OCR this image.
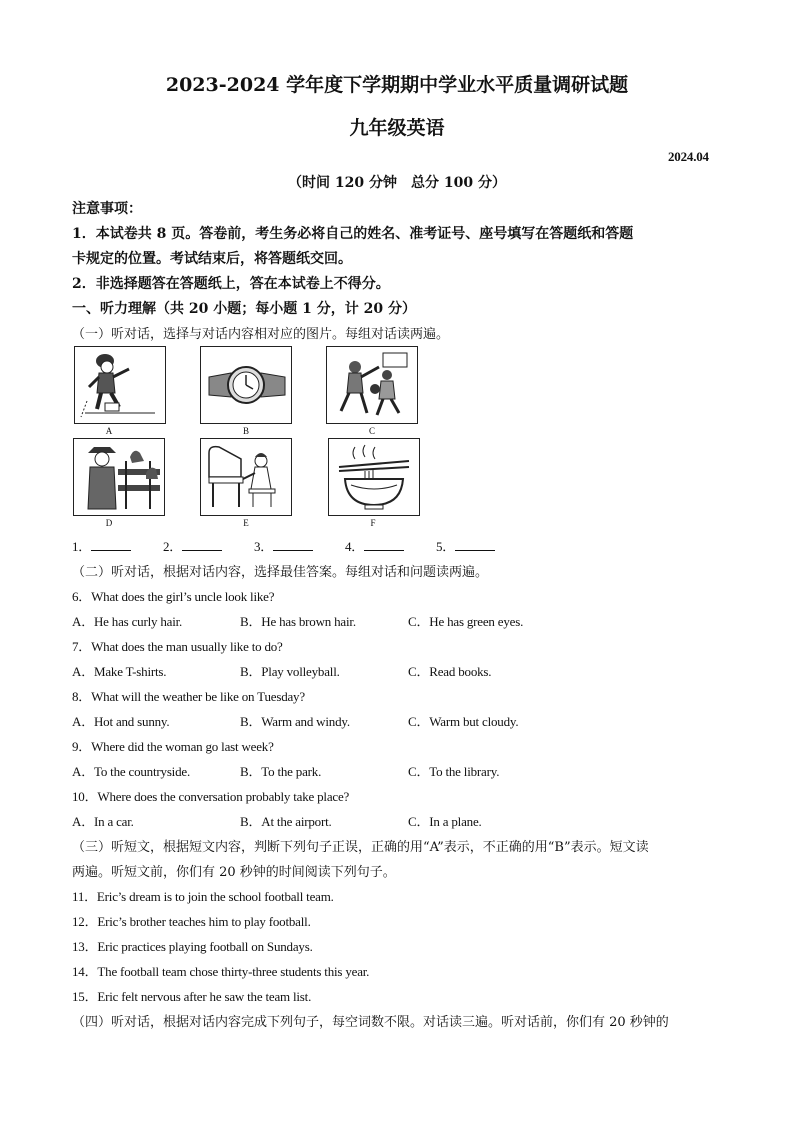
2023-2024 学年度下学期期中学业水平质量调研试题
九年级英语
2024.04
（时间 120 分钟　总分 100 分）
注意事项：
1．本试卷共 8 页。答卷前，考生务必将自己的姓名、准考证号、座号填写在答题纸和答题
卡规定的位置。考试结束后，将答题纸交回。
2．非选择题答在答题纸上，答在本试卷上不得分。
一、听力理解（共 20 小题；每小题 1 分，计 20 分）
（一）听对话，选择与对话内容相对应的图片。每组对话读两遍。
A	B	C
D	E	F
1．	2．	3．	4．	5．
（二）听对话，根据对话内容，选择最佳答案。每组对话和问题读两遍。
6．What does the girl’s uncle look like?
A．He has curly hair.	B．He has brown hair.	C．He has green eyes.
7．What does the man usually like to do?
A．Make T-shirts.	B．Play volleyball.	C．Read books.
8．What will the weather be like on Tuesday?
A．Hot and sunny.	B．Warm and windy.	C．Warm but cloudy.
9．Where did the woman go last week?
A．To the countryside.	B．To the park.	C．To the library.
10．Where does the conversation probably take place?
A．In a car.	B．At the airport.	C．In a plane.
（三）听短文，根据短文内容，判断下列句子正误，正确的用“A”表示，不正确的用“B”表示。短文读
两遍。听短文前，你们有 20 秒钟的时间阅读下列句子。
11．Eric’s dream is to join the school football team.
12．Eric’s brother teaches him to play football.
13．Eric practices playing football on Sundays.
14．The football team chose thirty-three students this year.
15．Eric felt nervous after he saw the team list.
（四）听对话，根据对话内容完成下列句子，每空词数不限。对话读三遍。听对话前，你们有 20 秒钟的
